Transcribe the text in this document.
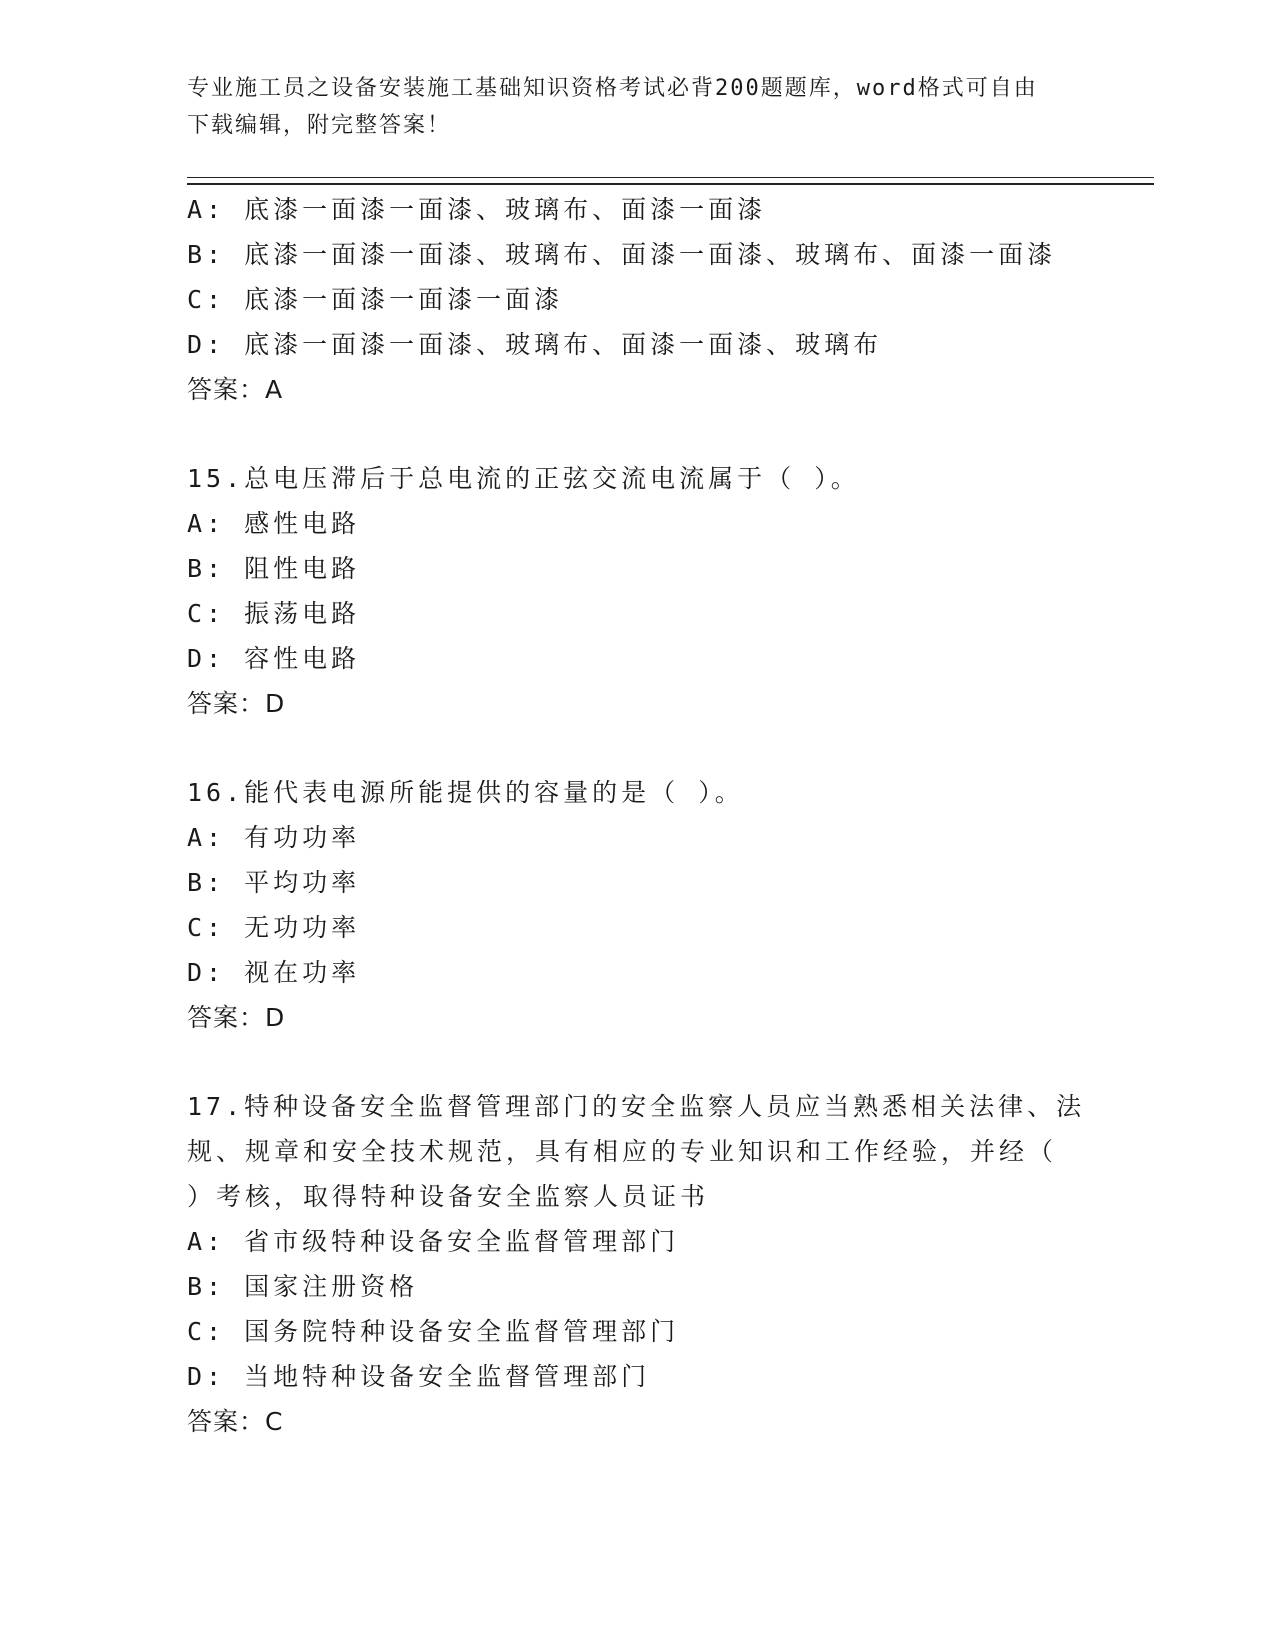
专业施工员之设备安装施工基础知识资格考试必背200题题库，word格式可自由
下载编辑，附完整答案！
A: 底漆一面漆一面漆、玻璃布、面漆一面漆
B: 底漆一面漆一面漆、玻璃布、面漆一面漆、玻璃布、面漆一面漆
C: 底漆一面漆一面漆一面漆
D: 底漆一面漆一面漆、玻璃布、面漆一面漆、玻璃布
答案：A
15.总电压滞后于总电流的正弦交流电流属于（ ）。
A: 感性电路
B: 阻性电路
C: 振荡电路
D: 容性电路
答案：D
16.能代表电源所能提供的容量的是（ ）。
A: 有功功率
B: 平均功率
C: 无功功率
D: 视在功率
答案：D
17.特种设备安全监督管理部门的安全监察人员应当熟悉相关法律、法
规、规章和安全技术规范，具有相应的专业知识和工作经验，并经（
）考核，取得特种设备安全监察人员证书
A: 省市级特种设备安全监督管理部门
B: 国家注册资格
C: 国务院特种设备安全监督管理部门
D: 当地特种设备安全监督管理部门
答案：C
